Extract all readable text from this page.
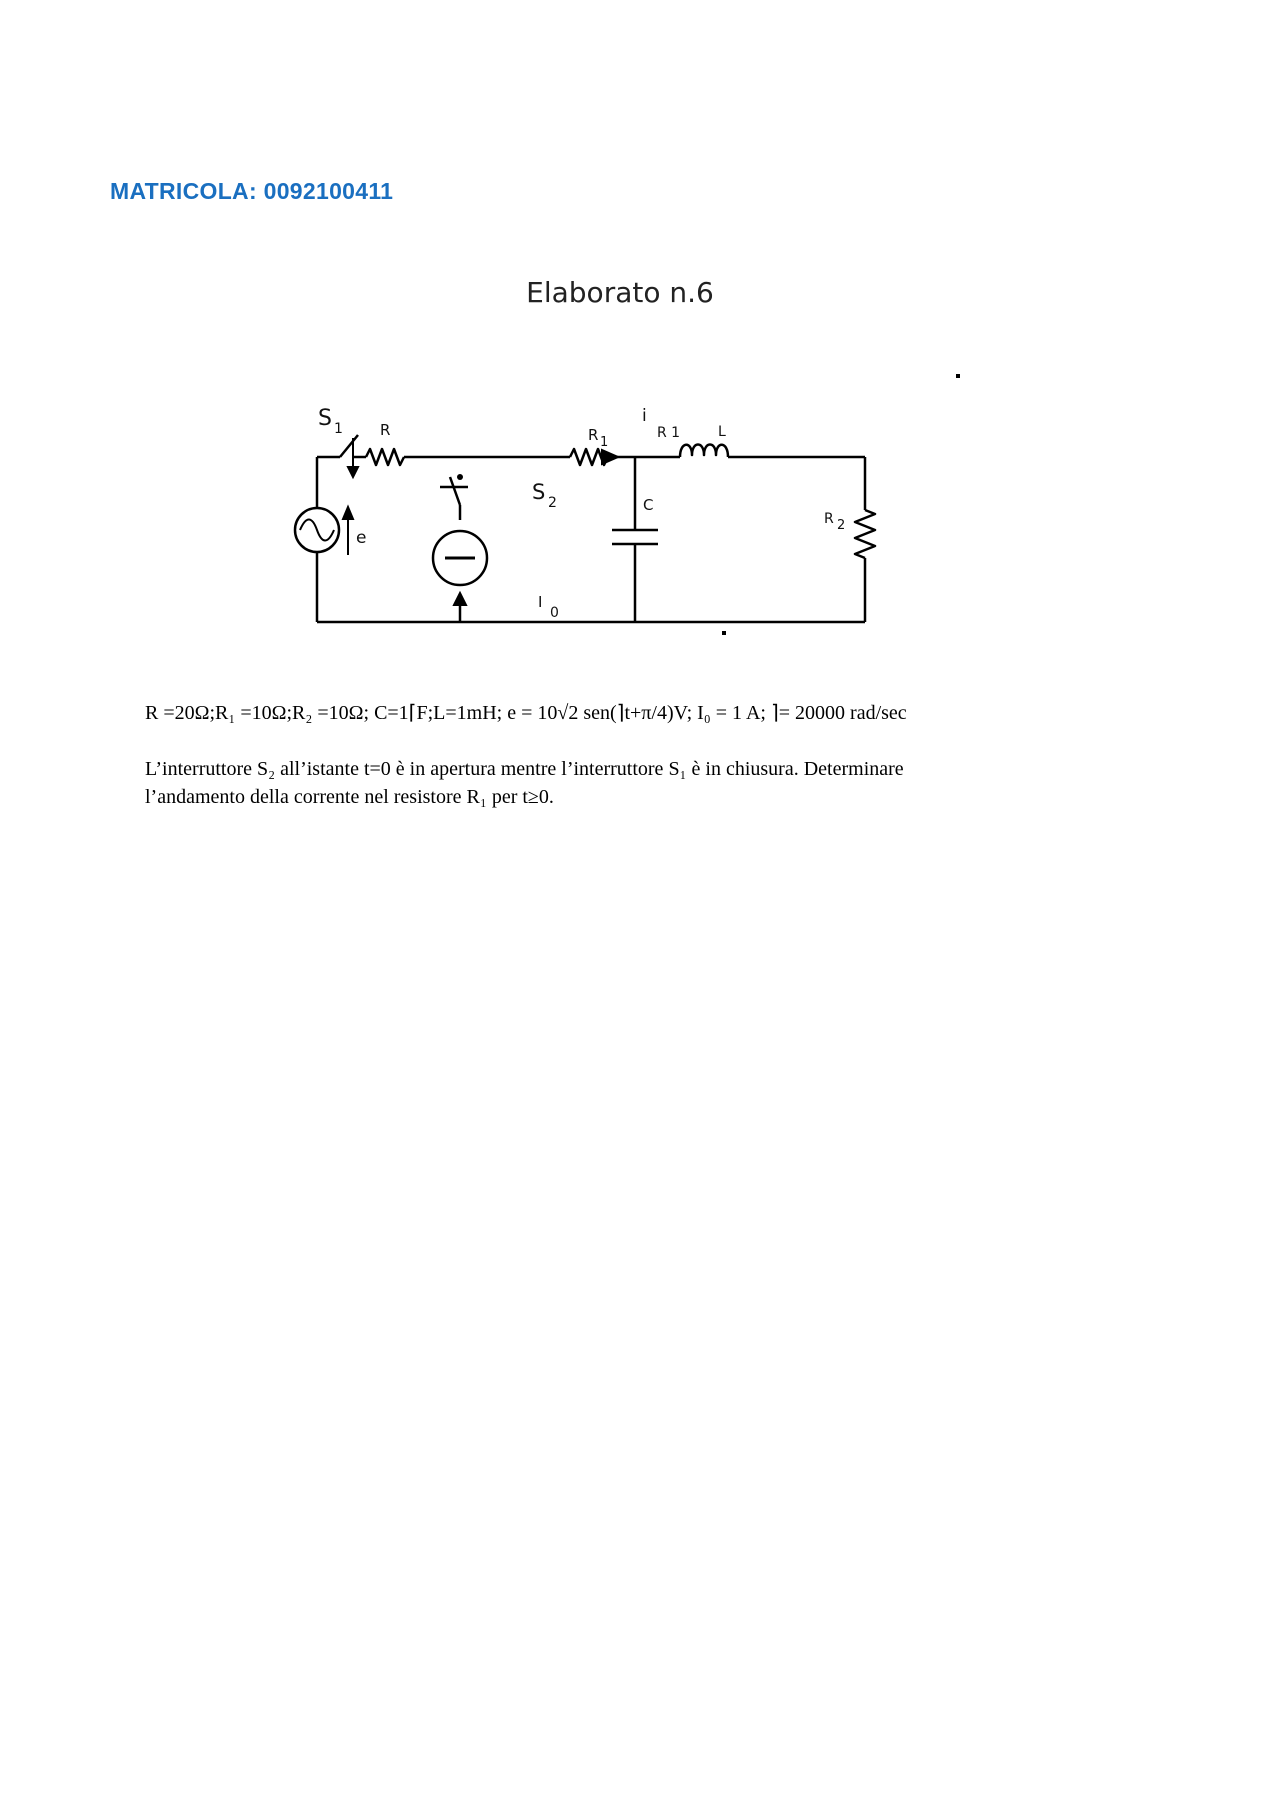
MATRICOLA: 0092100411
Elaborato n.6
S 1 R	R 1
i
R 1	L
S 2	C
R 2
e
I
0
R =20Ω;R₁ =10Ω;R₂ =10Ω; C=1⌈F;L=1mH; e = 10√2 sen(⌉t+π/4)V; I₀ = 1 A; ⌉= 20000 rad/sec

L’interruttore S₂ all’istante t=0 è in apertura mentre l’interruttore S₁ è in chiusura. Determinare

l’andamento della corrente nel resistore R₁ per t≥0.
